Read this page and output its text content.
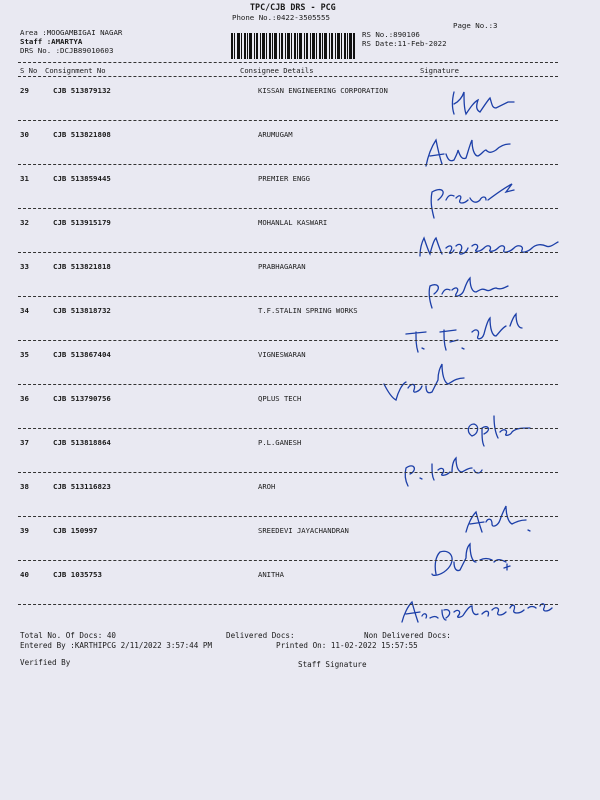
TPC/CJB DRS - PCG
Phone No.:0422-3505555
Page No.:3
Area :MOOGAMBIGAI NAGAR
Staff :AMARTYA
DRS No. :DCJB89010603
RS No.:890106
RS Date:11-Feb-2022
S No Consignment No	Consignee Details	Signature
29	CJB 513879132	KISSAN ENGINEERING CORPORATION
30	CJB 513821808	ARUMUGAM
31	CJB 513859445	PREMIER ENGG
32	CJB 513915179	MOHANLAL KASWARI
33	CJB 513821818	PRABHAGARAN
34	CJB 513818732	T.F.STALIN SPRING WORKS
35	CJB 513867404	VIGNESWARAN
36	CJB 513790756	QPLUS TECH
37	CJB 513818864	P.L.GANESH
38	CJB 513116823	AROH
39	CJB 150997	SREEDEVI JAYACHANDRAN
40	CJB 1035753	ANITHA
Total No. Of Docs: 40	Delivered Docs:	Non Delivered Docs:
Entered By :KARTHIPCG 2/11/2022 3:57:44 PM	Printed On: 11-02-2022 15:57:55
Verified By	Staff Signature
